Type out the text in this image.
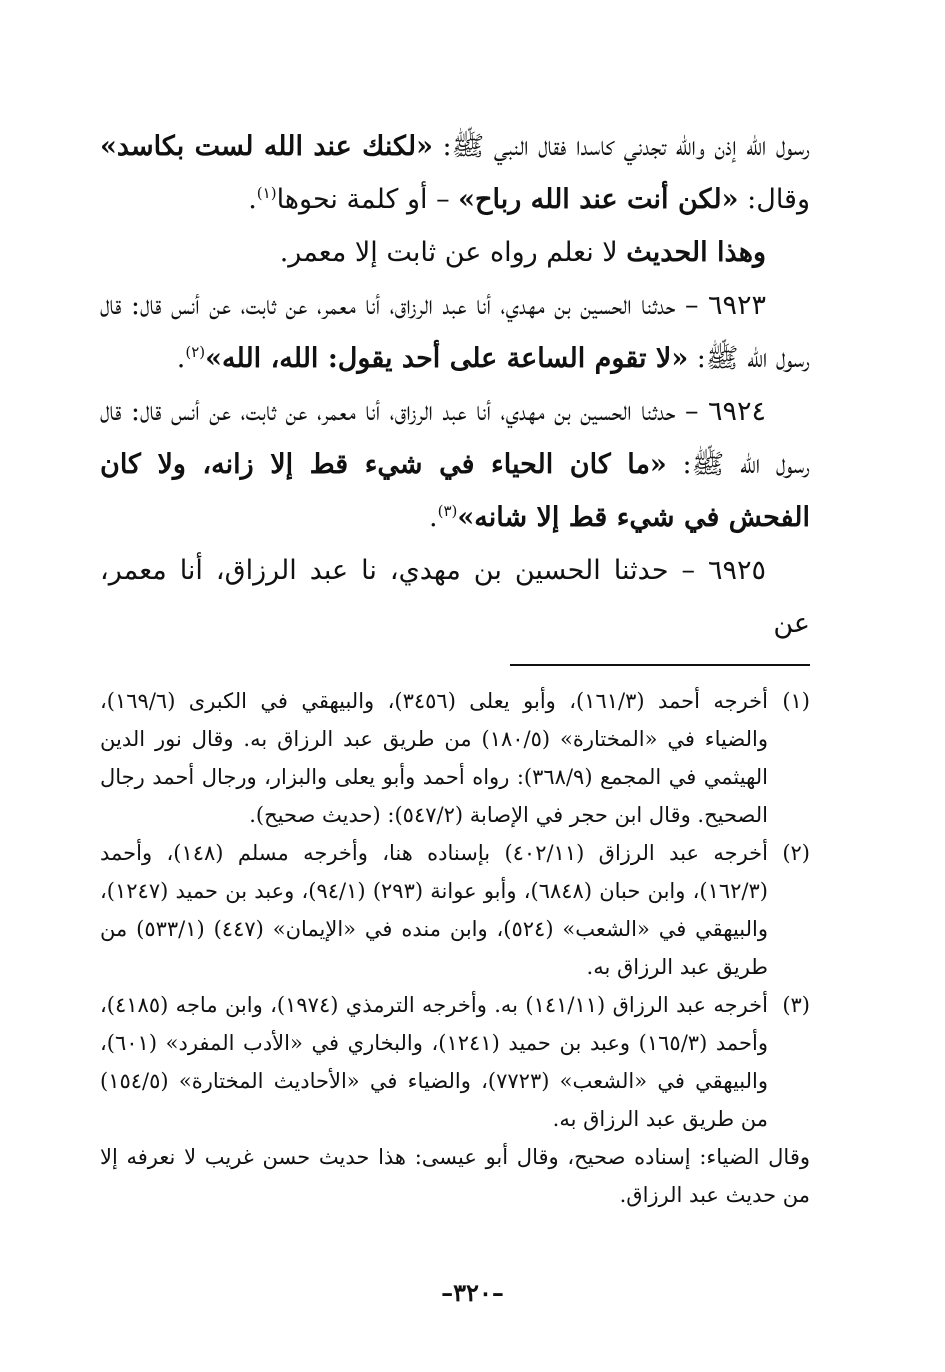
رسول الله إذن والله تجدني كاسدا فقال النبي ﷺ: «لكنك عند الله لست بكاسد» وقال: «لكن أنت عند الله رباح» – أو كلمة نحوها$^{(١)}$.

وهذا الحديث لا نعلم رواه عن ثابت إلا معمر.

٦٩٢٣ – حدثنا الحسين بن مهدي، أنا عبد الرزاق، أنا معمر، عن ثابت، عن أنس قال: قال رسول الله ﷺ: «لا تقوم الساعة على أحد يقول: الله، الله»$^{(٢)}$.

٦٩٢٤ – حدثنا الحسين بن مهدي، أنا عبد الرزاق، أنا معمر، عن ثابت، عن أنس قال: قال رسول الله ﷺ: «ما كان الحياء في شيء قط إلا زانه، ولا كان الفحش في شيء قط إلا شانه»$^{(٣)}$.

٦٩٢٥ – حدثنا الحسين بن مهدي، نا عبد الرزاق، أنا معمر، عن

(١)
أخرجه أحمد (١٦١/٣)، وأبو يعلى (٣٤٥٦)، والبيهقي في الكبرى (١٦٩/٦)، والضياء في «المختارة» (١٨٠/٥) من طريق عبد الرزاق به. وقال نور الدين الهيثمي في المجمع (٣٦٨/٩): رواه أحمد وأبو يعلى والبزار، ورجال أحمد رجال الصحيح. وقال ابن حجر في الإصابة (٥٤٧/٢): (حديث صحيح).

(٢)
أخرجه عبد الرزاق (٤٠٢/١١) بإسناده هنا، وأخرجه مسلم (١٤٨)، وأحمد (١٦٢/٣)، وابن حبان (٦٨٤٨)، وأبو عوانة (٢٩٣) (٩٤/١)، وعبد بن حميد (١٢٤٧)، والبيهقي في «الشعب» (٥٢٤)، وابن منده في «الإيمان» (٤٤٧) (٥٣٣/١) من طريق عبد الرزاق به.

(٣)
أخرجه عبد الرزاق (١٤١/١١) به. وأخرجه الترمذي (١٩٧٤)، وابن ماجه (٤١٨٥)، وأحمد (١٦٥/٣) وعبد بن حميد (١٢٤١)، والبخاري في «الأدب المفرد» (٦٠١)، والبيهقي في «الشعب» (٧٧٢٣)، والضياء في «الأحاديث المختارة» (١٥٤/٥) من طريق عبد الرزاق به.

وقال الضياء: إسناده صحيح، وقال أبو عيسى: هذا حديث حسن غريب لا نعرفه إلا من حديث عبد الرزاق.

–٣٢٠–
